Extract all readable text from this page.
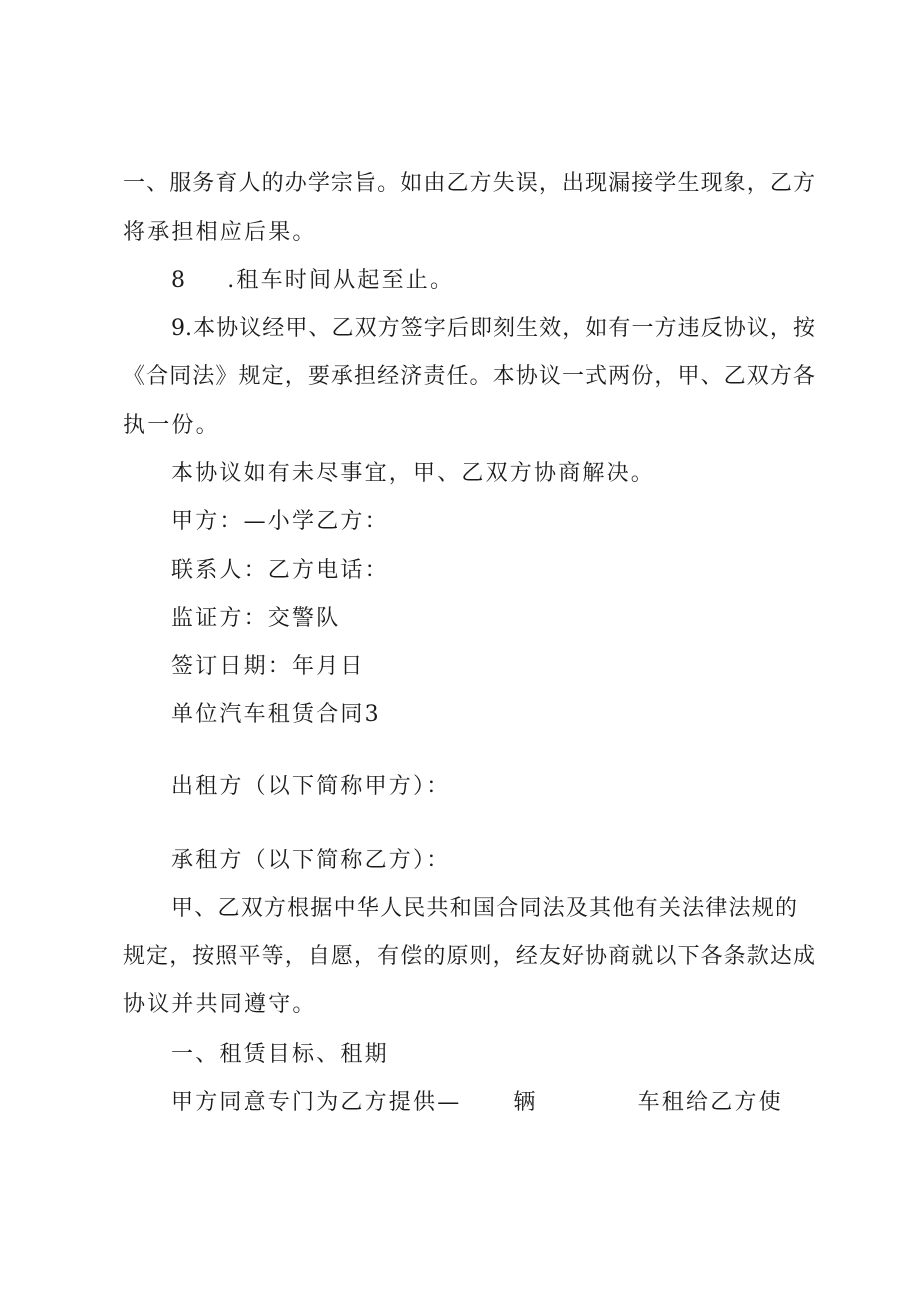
一、服务育人的办学宗旨。如由乙方失误，出现漏接学生现象，乙方
将承担相应后果。
8 .租车时间从起至止。
9.本协议经甲、乙双方签字后即刻生效，如有一方违反协议，按
《合同法》规定，要承担经济责任。本协议一式两份，甲、乙双方各
执一份。
本协议如有未尽事宜，甲、乙双方协商解决。
甲方：—小学乙方：
联系人：乙方电话：
监证方：交警队
签订日期：年月日
单位汽车租赁合同3
出租方（以下简称甲方）：
承租方（以下简称乙方）：
甲、乙双方根据中华人民共和国合同法及其他有关法律法规的
规定，按照平等，自愿，有偿的原则，经友好协商就以下各条款达成
协议并共同遵守。
一、租赁目标、租期
甲方同意专门为乙方提供— 辆	车租给乙方使
